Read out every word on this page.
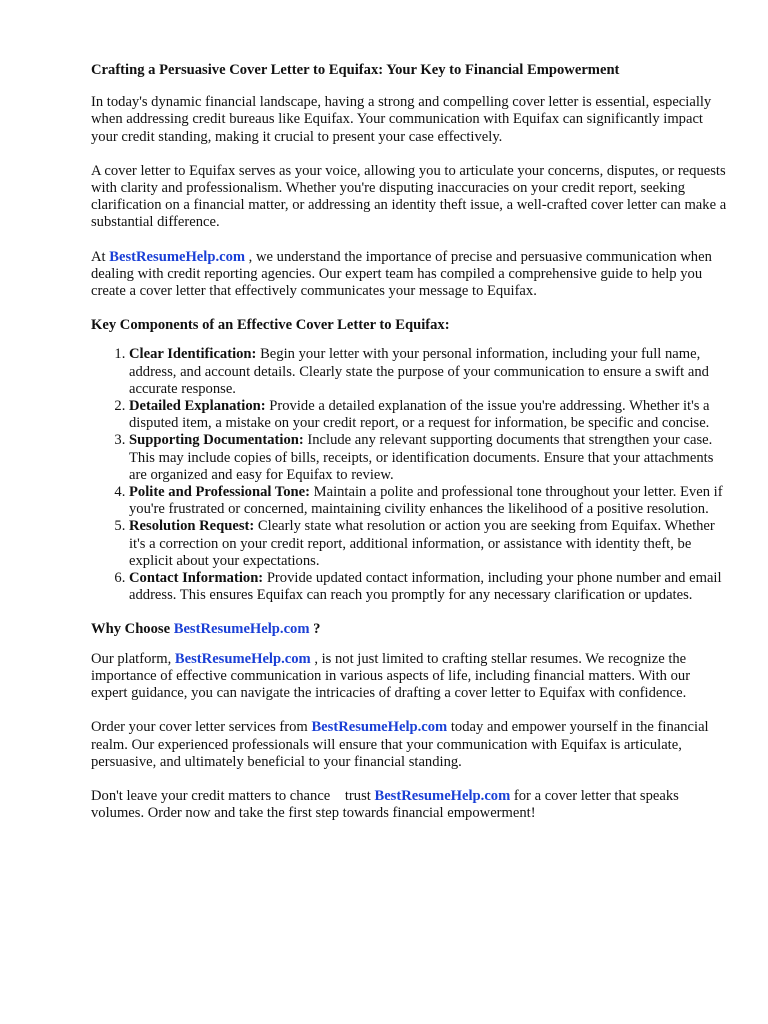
Crafting a Persuasive Cover Letter to Equifax: Your Key to Financial Empowerment

In today's dynamic financial landscape, having a strong and compelling cover letter is essential, especially when addressing credit bureaus like Equifax. Your communication with Equifax can significantly impact your credit standing, making it crucial to present your case effectively.

A cover letter to Equifax serves as your voice, allowing you to articulate your concerns, disputes, or requests with clarity and professionalism. Whether you're disputing inaccuracies on your credit report, seeking clarification on a financial matter, or addressing an identity theft issue, a well-crafted cover letter can make a substantial difference.

At BestResumeHelp.com , we understand the importance of precise and persuasive communication when dealing with credit reporting agencies. Our expert team has compiled a comprehensive guide to help you create a cover letter that effectively communicates your message to Equifax.

Key Components of an Effective Cover Letter to Equifax:
1. Clear Identification: Begin your letter with your personal information, including your full name, address, and account details. Clearly state the purpose of your communication to ensure a swift and accurate response.
2. Detailed Explanation: Provide a detailed explanation of the issue you're addressing. Whether it's a disputed item, a mistake on your credit report, or a request for information, be specific and concise.
3. Supporting Documentation: Include any relevant supporting documents that strengthen your case. This may include copies of bills, receipts, or identification documents. Ensure that your attachments are organized and easy for Equifax to review.
4. Polite and Professional Tone: Maintain a polite and professional tone throughout your letter. Even if you're frustrated or concerned, maintaining civility enhances the likelihood of a positive resolution.
5. Resolution Request: Clearly state what resolution or action you are seeking from Equifax. Whether it's a correction on your credit report, additional information, or assistance with identity theft, be explicit about your expectations.
6. Contact Information: Provide updated contact information, including your phone number and email address. This ensures Equifax can reach you promptly for any necessary clarification or updates.
Why Choose BestResumeHelp.com ?

Our platform, BestResumeHelp.com , is not just limited to crafting stellar resumes. We recognize the importance of effective communication in various aspects of life, including financial matters. With our expert guidance, you can navigate the intricacies of drafting a cover letter to Equifax with confidence.

Order your cover letter services from BestResumeHelp.com today and empower yourself in the financial realm. Our experienced professionals will ensure that your communication with Equifax is articulate, persuasive, and ultimately beneficial to your financial standing.

Don't leave your credit matters to chance    trust BestResumeHelp.com for a cover letter that speaks volumes. Order now and take the first step towards financial empowerment!
